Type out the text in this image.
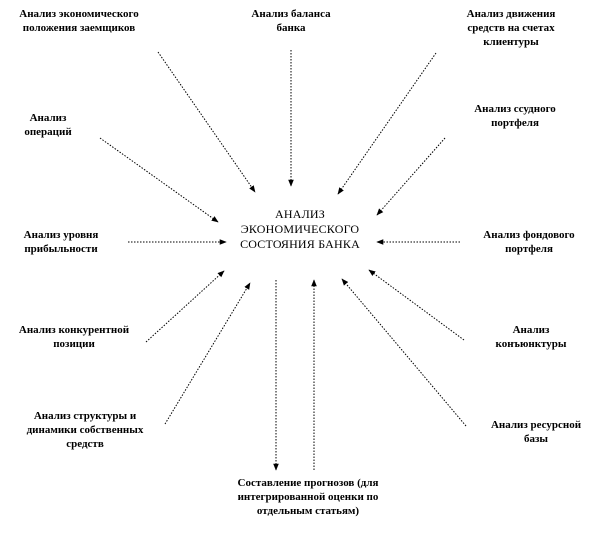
АНАЛИЗ
ЭКОНОМИЧЕСКОГО
СОСТОЯНИЯ БАНКА
Анализ экономического
положения заемщиков
Анализ баланса
банка
Анализ движения
средств на счетах
клиентуры
Анализ
операций
Анализ ссудного
портфеля
Анализ уровня
прибыльности
Анализ фондового
портфеля
Анализ конкурентной
позиции
Анализ
конъюнктуры
Анализ структуры и
динамики собственных
средств
Анализ ресурсной
базы
Составление прогнозов (для
интегрированной оценки по
отдельным статьям)
